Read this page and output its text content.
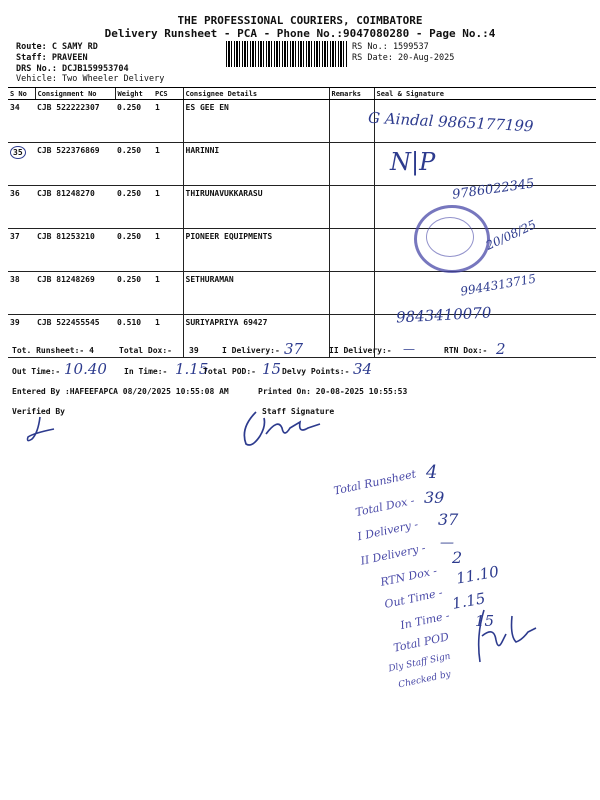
THE PROFESSIONAL COURIERS, COIMBATORE
Delivery Runsheet - PCA - Phone No.:9047080280 - Page No.:4
Route: C SAMY RD
Staff: PRAVEEN
DRS No.: DCJB159953704
Vehicle: Two Wheeler Delivery
RS No.: 1599537
RS Date: 20-Aug-2025
S No	Consignment No	Weight	PCS	Consignee Details	Remarks	Seal & Signature
34	CJB 522222307	0.250	1	ES GEE EN		
35	CJB 522376869	0.250	1	HARINNI		
36	CJB 81248270	0.250	1	THIRUNAVUKKARASU		
37	CJB 81253210	0.250	1	PIONEER EQUIPMENTS		
38	CJB 81248269	0.250	1	SETHURAMAN		
39	CJB 522455545	0.510	1	SURIYAPRIYA 69427		
G Aindal 9865177199
N|P
9786022345
20/08/25
9944313715
9843410070
Tot. Runsheet:- 4	Total Dox:- 39	I Delivery:- 37	II Delivery:- —	RTN Dox:- 2
Out Time:- 10.40 In Time:- 1.15
Total POD:- 15 Delvy Points:- 34
Entered By :HAFEEFAPCA 08/20/2025 10:55:08 AM	Printed On: 20-08-2025 10:55:53
Verified By	Staff Signature
Total Runsheet 4
Total Dox - 39
I Delivery - 37
II Delivery - —
RTN Dox -
2
Out Time -
11.10
In Time -
1.15
Total POD
15
Dly Staff Sign
Checked by
